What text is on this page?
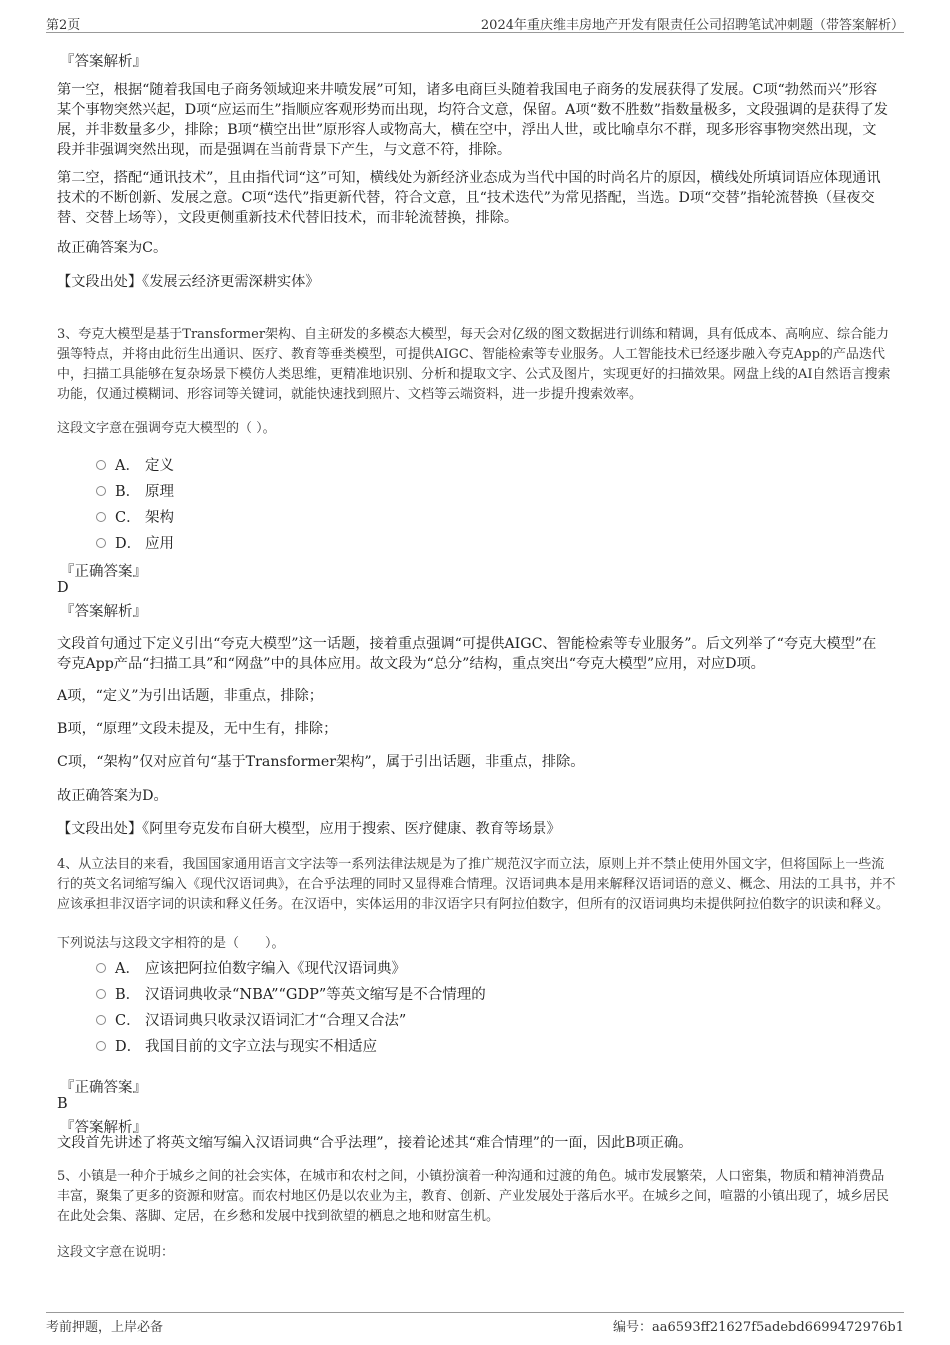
第2页	2024年重庆维丰房地产开发有限责任公司招聘笔试冲刺题（带答案解析）
『答案解析』
第一空，根据“随着我国电子商务领域迎来井喷发展”可知，诸多电商巨头随着我国电子商务的发展获得了发展。C项“勃然而兴”形容某个事物突然兴起，D项“应运而生”指顺应客观形势而出现，均符合文意，保留。A项“数不胜数”指数量极多，文段强调的是获得了发展，并非数量多少，排除；B项“横空出世”原形容人或物高大，横在空中，浮出人世，或比喻卓尔不群，现多形容事物突然出现，文段并非强调突然出现，而是强调在当前背景下产生，与文意不符，排除。
第二空，搭配“通讯技术”，且由指代词“这”可知，横线处为新经济业态成为当代中国的时尚名片的原因，横线处所填词语应体现通讯技术的不断创新、发展之意。C项“迭代”指更新代替，符合文意，且“技术迭代”为常见搭配，当选。D项“交替”指轮流替换（昼夜交替、交替上场等），文段更侧重新技术代替旧技术，而非轮流替换，排除。
故正确答案为C。
【文段出处】《发展云经济更需深耕实体》
3、夸克大模型是基于Transformer架构、自主研发的多模态大模型，每天会对亿级的图文数据进行训练和精调，具有低成本、高响应、综合能力强等特点，并将由此衍生出通识、医疗、教育等垂类模型，可提供AIGC、智能检索等专业服务。人工智能技术已经逐步融入夸克App的产品迭代中，扫描工具能够在复杂场景下模仿人类思维，更精准地识别、分析和提取文字、公式及图片，实现更好的扫描效果。网盘上线的AI自然语言搜索功能，仅通过模糊词、形容词等关键词，就能快速找到照片、文档等云端资料，进一步提升搜索效率。
这段文字意在强调夸克大模型的（ ）。
A． 定义
B． 原理
C． 架构
D． 应用
『正确答案』
D
『答案解析』
文段首句通过下定义引出“夸克大模型”这一话题，接着重点强调“可提供AIGC、智能检索等专业服务”。后文列举了“夸克大模型”在夸克App产品“扫描工具”和“网盘”中的具体应用。故文段为“总分”结构，重点突出“夸克大模型”应用，对应D项。
A项，“定义”为引出话题，非重点，排除；
B项，“原理”文段未提及，无中生有，排除；
C项，“架构”仅对应首句“基于Transformer架构”，属于引出话题，非重点，排除。
故正确答案为D。
【文段出处】《阿里夸克发布自研大模型，应用于搜索、医疗健康、教育等场景》
4、从立法目的来看，我国国家通用语言文字法等一系列法律法规是为了推广规范汉字而立法，原则上并不禁止使用外国文字，但将国际上一些流行的英文名词缩写编入《现代汉语词典》，在合乎法理的同时又显得难合情理。汉语词典本是用来解释汉语词语的意义、概念、用法的工具书，并不应该承担非汉语字词的识读和释义任务。在汉语中，实体运用的非汉语字只有阿拉伯数字，但所有的汉语词典均未提供阿拉伯数字的识读和释义。
下列说法与这段文字相符的是（　　）。
A． 应该把阿拉伯数字编入《现代汉语词典》
B． 汉语词典收录“NBA”“GDP”等英文缩写是不合情理的
C． 汉语词典只收录汉语词汇才“合理又合法”
D． 我国目前的文字立法与现实不相适应
『正确答案』
B
『答案解析』
文段首先讲述了将英文缩写编入汉语词典“合乎法理”，接着论述其“难合情理”的一面，因此B项正确。
5、小镇是一种介于城乡之间的社会实体，在城市和农村之间，小镇扮演着一种沟通和过渡的角色。城市发展繁荣，人口密集，物质和精神消费品丰富，聚集了更多的资源和财富。而农村地区仍是以农业为主，教育、创新、产业发展处于落后水平。在城乡之间，喧嚣的小镇出现了，城乡居民在此处会集、落脚、定居，在乡愁和发展中找到欲望的栖息之地和财富生机。
这段文字意在说明：
考前押题，上岸必备	编号：aa6593ff21627f5adebd6699472976b1
